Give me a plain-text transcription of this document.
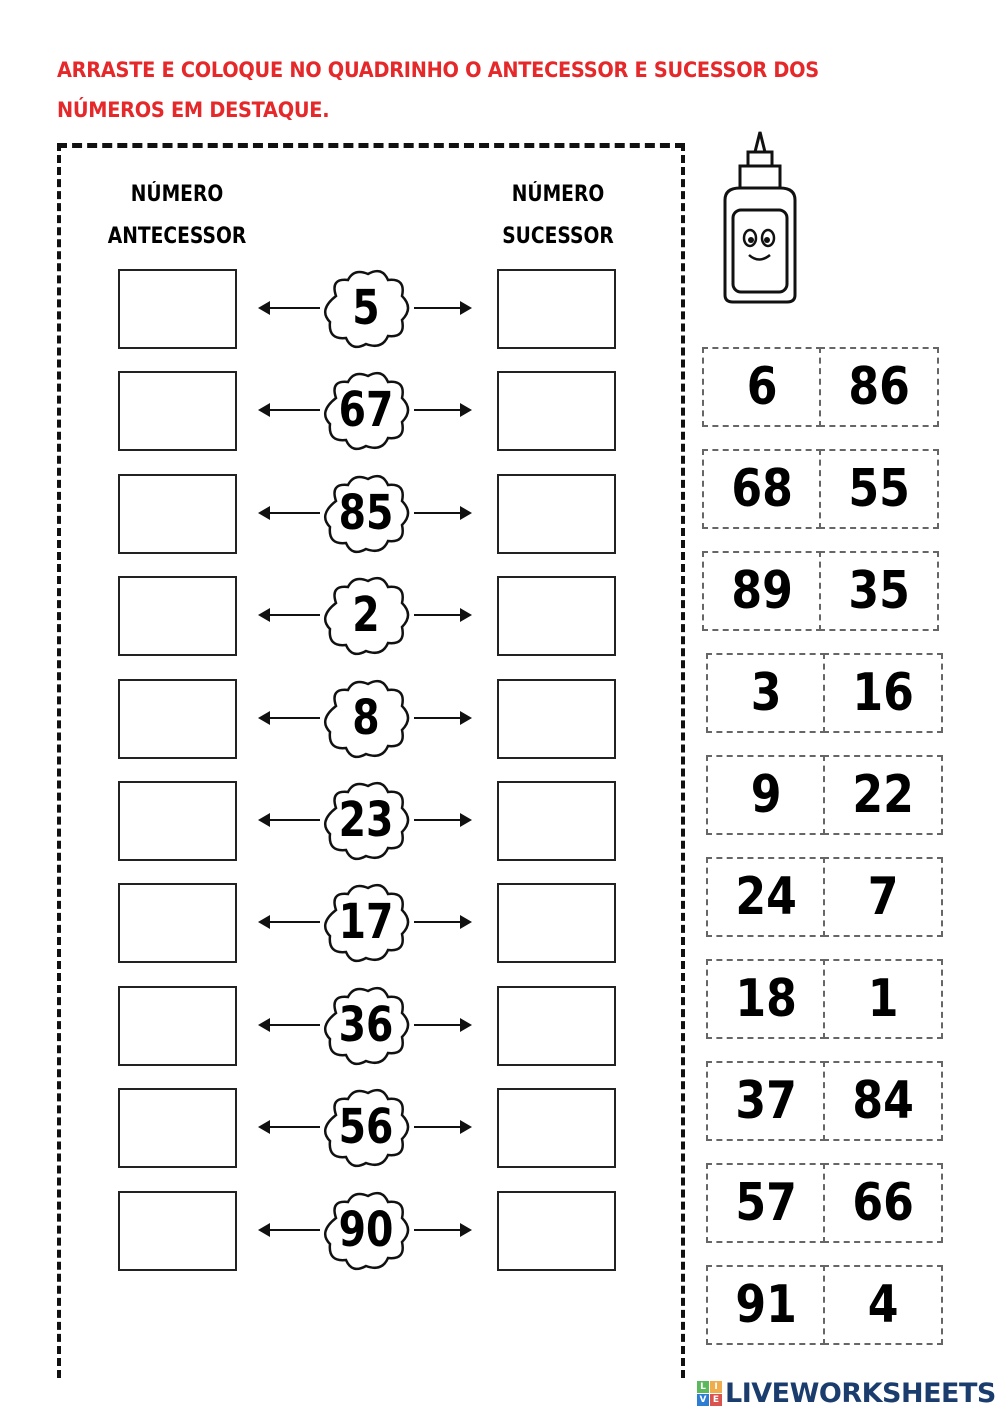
ARRASTE E COLOQUE NO QUADRINHO O ANTECESSOR E SUCESSOR DOS
NÚMEROS EM DESTAQUE.
NÚMERO
ANTECESSOR
NÚMERO
SUCESSOR
5
67
85
2
8
23
17
36
56
90
6	86
68	55
89	35
3	16
9	22
24	7
18	1
37	84
57	66
91	4
L I
V E LIVEWORKSHEETS
